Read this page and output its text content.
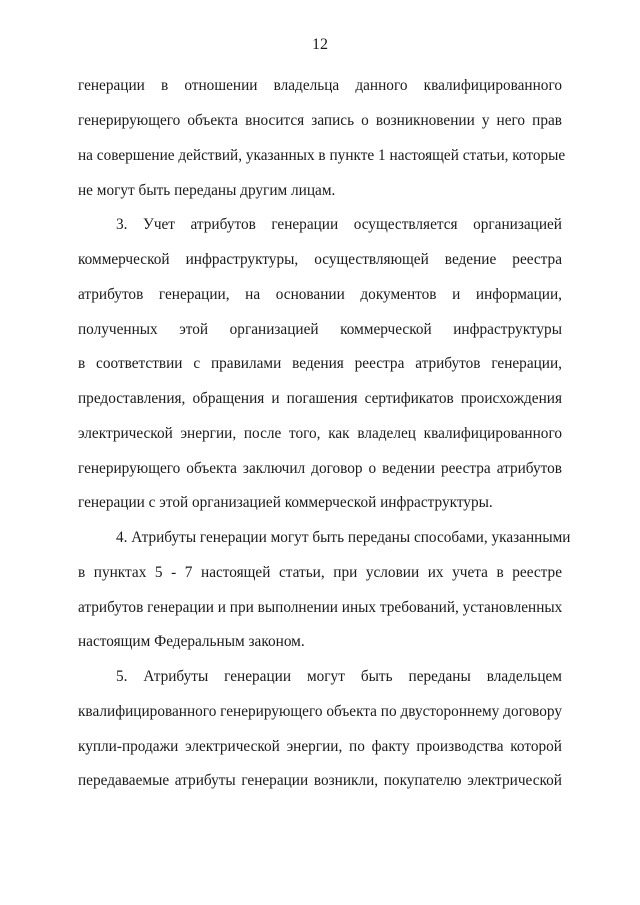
12
генерации в отношении владельца данного квалифицированного
генерирующего объекта вносится запись о возникновении у него прав
на совершение действий, указанных в пункте 1 настоящей статьи, которые
не могут быть переданы другим лицам.
3. Учет атрибутов генерации осуществляется организацией
коммерческой инфраструктуры, осуществляющей ведение реестра
атрибутов генерации, на основании документов и информации,
полученных этой организацией коммерческой инфраструктуры
в соответствии с правилами ведения реестра атрибутов генерации,
предоставления, обращения и погашения сертификатов происхождения
электрической энергии, после того, как владелец квалифицированного
генерирующего объекта заключил договор о ведении реестра атрибутов
генерации с этой организацией коммерческой инфраструктуры.
4. Атрибуты генерации могут быть переданы способами, указанными
в пунктах 5 - 7 настоящей статьи, при условии их учета в реестре
атрибутов генерации и при выполнении иных требований, установленных
настоящим Федеральным законом.
5. Атрибуты генерации могут быть переданы владельцем
квалифицированного генерирующего объекта по двустороннему договору
купли-продажи электрической энергии, по факту производства которой
передаваемые атрибуты генерации возникли, покупателю электрической
